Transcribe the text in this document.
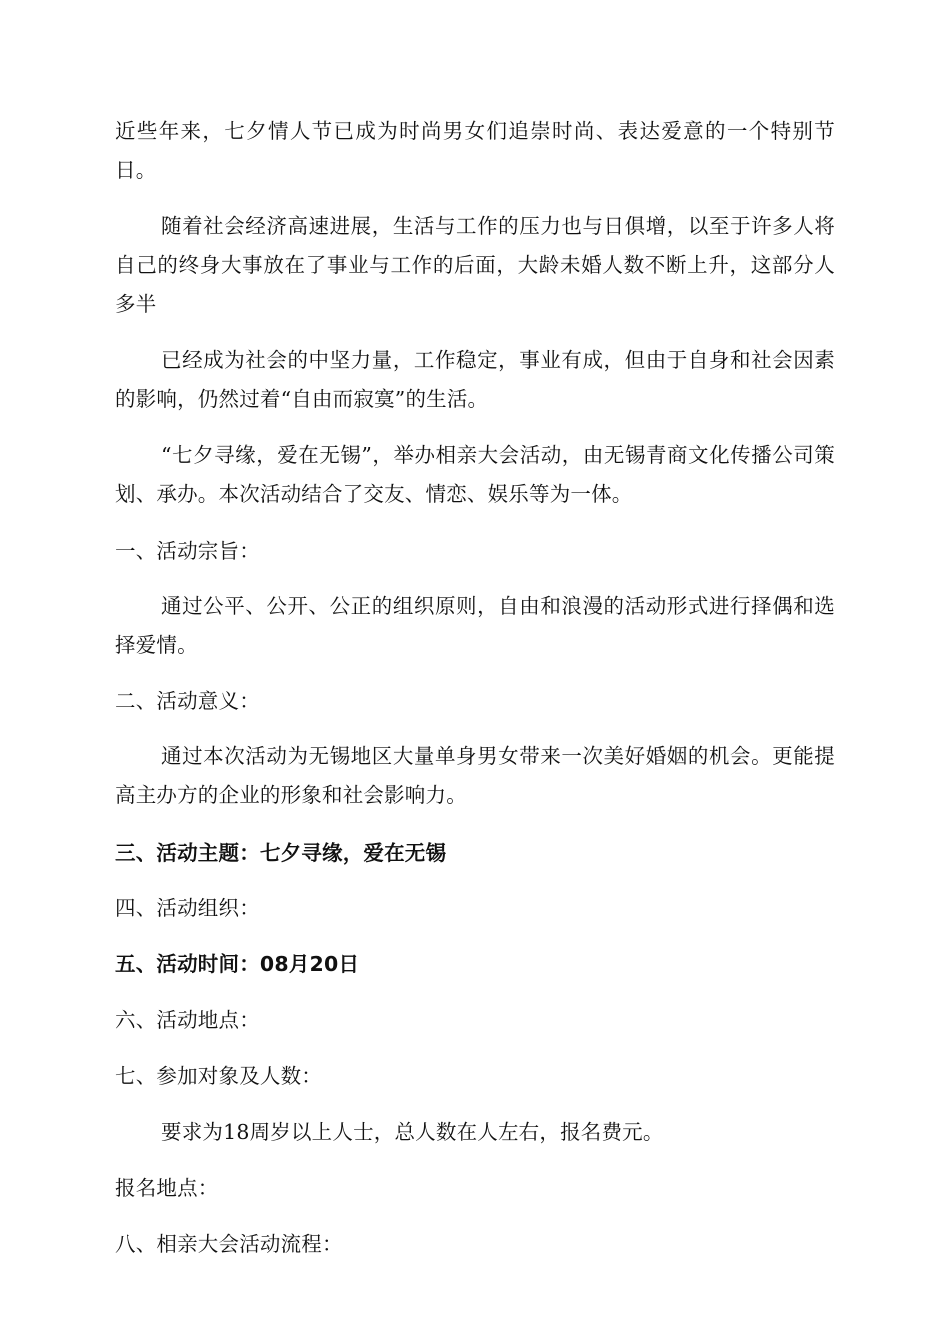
近些年来，七夕情人节已成为时尚男女们追崇时尚、表达爱意的一个特别节日。

随着社会经济高速进展，生活与工作的压力也与日俱增，以至于许多人将自己的终身大事放在了事业与工作的后面，大龄未婚人数不断上升，这部分人多半

已经成为社会的中坚力量，工作稳定，事业有成，但由于自身和社会因素的影响，仍然过着“自由而寂寞”的生活。

“七夕寻缘，爱在无锡”，举办相亲大会活动，由无锡青商文化传播公司策划、承办。本次活动结合了交友、情恋、娱乐等为一体。

一、活动宗旨：

通过公平、公开、公正的组织原则，自由和浪漫的活动形式进行择偶和选择爱情。

二、活动意义：

通过本次活动为无锡地区大量单身男女带来一次美好婚姻的机会。更能提高主办方的企业的形象和社会影响力。

三、活动主题：七夕寻缘，爱在无锡

四、活动组织：

五、活动时间：08月20日

六、活动地点：

七、参加对象及人数：

要求为18周岁以上人士，总人数在人左右，报名费元。

报名地点：

八、相亲大会活动流程：
